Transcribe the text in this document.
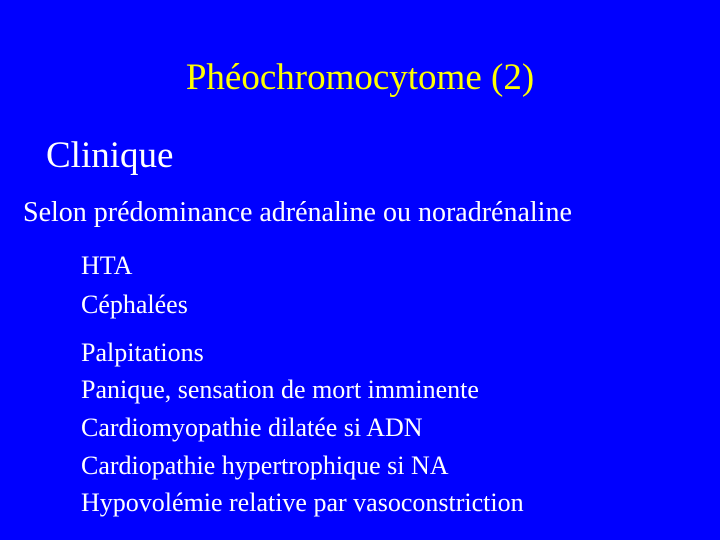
Phéochromocytome (2)
Clinique
Selon prédominance adrénaline ou noradrénaline
HTA
Céphalées
Palpitations
Panique, sensation de mort imminente
Cardiomyopathie dilatée si ADN
Cardiopathie hypertrophique si NA
Hypovolémie relative par vasoconstriction
